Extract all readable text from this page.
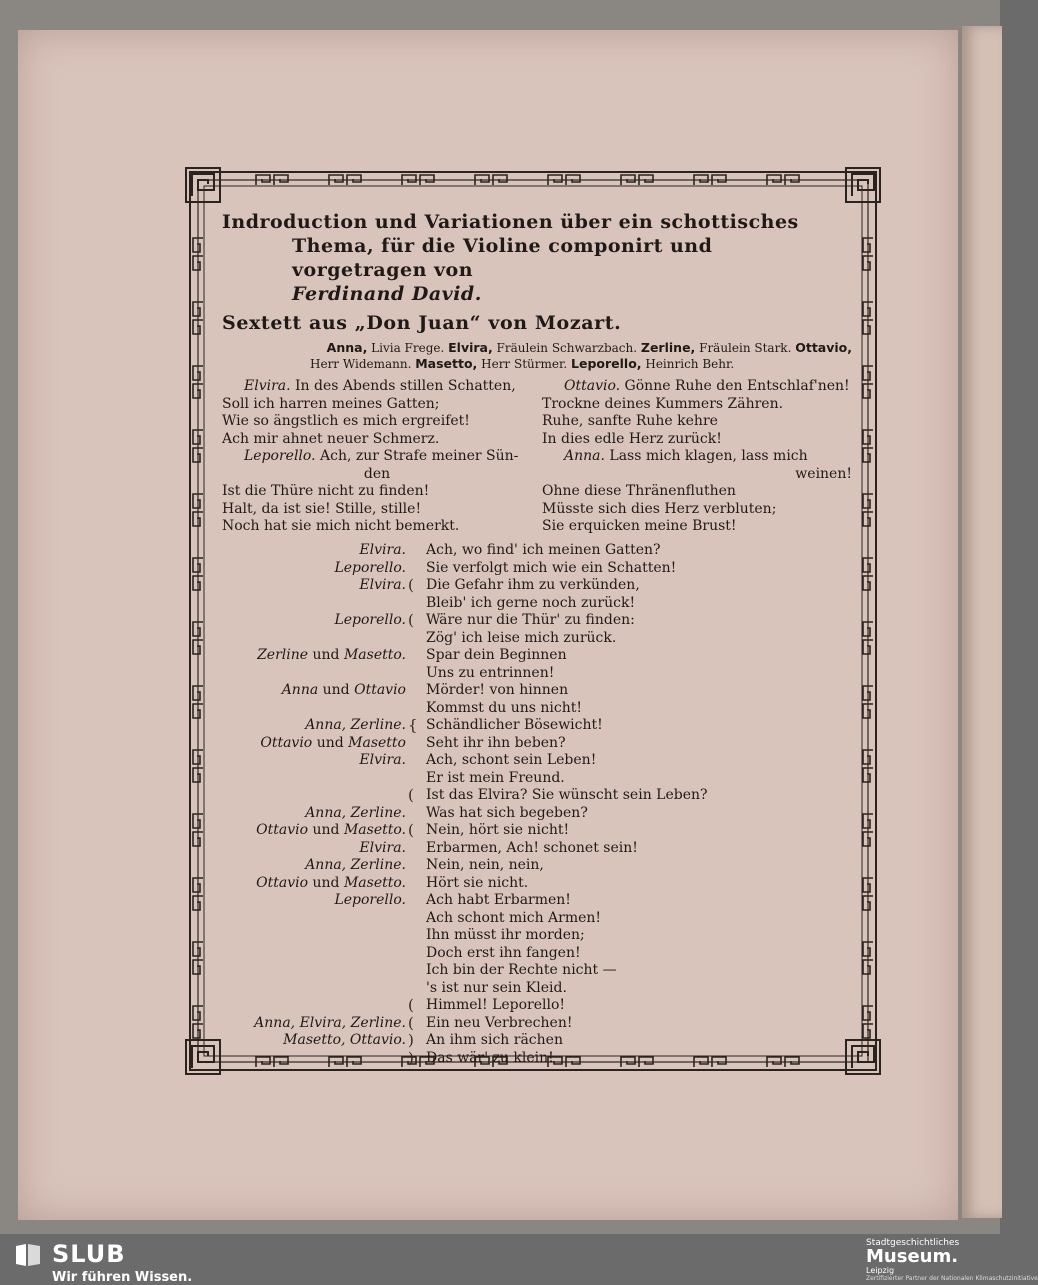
Indroduction und Variationen über ein schottisches
Thema, für die Violine componirt und vorgetragen von
Ferdinand David.
Sextett aus „Don Juan“ von Mozart.
Anna, Livia Frege. Elvira, Fräulein Schwarzbach. Zerline, Fräulein Stark. Ottavio,
Herr Widemann. Masetto, Herr Stürmer. Leporello, Heinrich Behr.
Elvira. In des Abends stillen Schatten,
Soll ich harren meines Gatten;
Wie so ängstlich es mich ergreifet!
Ach mir ahnet neuer Schmerz.
Leporello. Ach, zur Strafe meiner Sün-
den
Ist die Thüre nicht zu finden!
Halt, da ist sie! Stille, stille!
Noch hat sie mich nicht bemerkt.
Ottavio. Gönne Ruhe den Entschlaf'nen!
Trockne deines Kummers Zähren.
Ruhe, sanfte Ruhe kehre
In dies edle Herz zurück!
Anna. Lass mich klagen, lass mich
weinen!
Ohne diese Thränenfluthen
Müsste sich dies Herz verbluten;
Sie erquicken meine Brust!
Elvira. Ach, wo find' ich meinen Gatten?
Leporello. Sie verfolgt mich wie ein Schatten!
Elvira. Die Gefahr ihm zu verkünden,
(
Bleib' ich gerne noch zurück!
Leporello. Wäre nur die Thür' zu finden:
(
Zög' ich leise mich zurück.
Zerline und Masetto. Spar dein Beginnen
Uns zu entrinnen!
Anna und Ottavio Mörder! von hinnen
Kommst du uns nicht!
Anna, Zerline. Schändlicher Bösewicht!
{
Ottavio und Masetto Seht ihr ihn beben?
Elvira. Ach, schont sein Leben!
Er ist mein Freund.
Ist das Elvira? Sie wünscht sein Leben?
(
Anna, Zerline. Was hat sich begeben?
Ottavio und Masetto. Nein, hört sie nicht!
(
Elvira. Erbarmen, Ach! schonet sein!
Anna, Zerline. Nein, nein, nein,
Ottavio und Masetto. Hört sie nicht.
Leporello. Ach habt Erbarmen!
Ach schont mich Armen!
Ihn müsst ihr morden;
Doch erst ihn fangen!
Ich bin der Rechte nicht —
's ist nur sein Kleid.
Himmel! Leporello!
(
Anna, Elvira, Zerline. Ein neu Verbrechen!
(
Masetto, Ottavio. An ihm sich rächen
)
Das wär' zu klein!
)
SLUB
Wir führen Wissen.
Stadtgeschichtliches
Museum.
Leipzig
Zertifizierter Partner der Nationalen Klimaschutzinitiative
